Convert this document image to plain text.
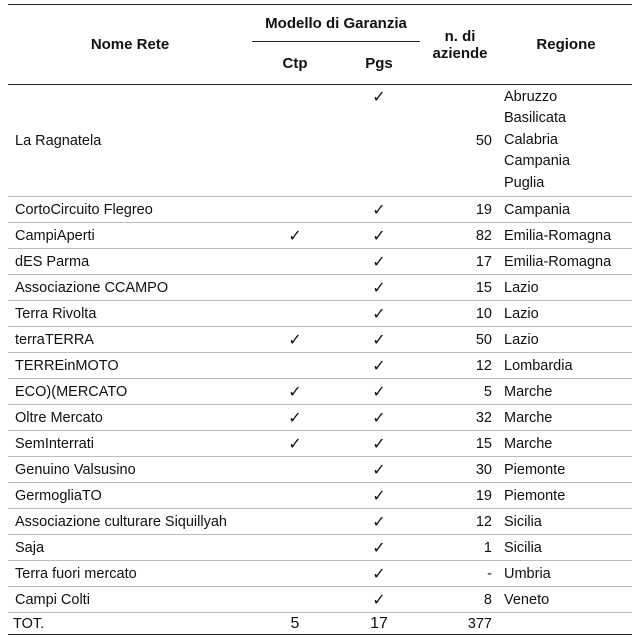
Nome Rete	Modello di Garanzia		n. di aziende	Regione
	Ctp	Pgs		
La Ragnatela		✓	50	Abruzzo
Basilicata
Calabria
Campania
Puglia

CortoCircuito Flegreo		✓	19	Campania
CampiAperti	✓	✓	82	Emilia-Romagna
dES Parma		✓	17	Emilia-Romagna
Associazione CCAMPO		✓	15	Lazio
Terra Rivolta		✓	10	Lazio
terraTERRA	✓	✓	50	Lazio
TERREinMOTO		✓	12	Lombardia
ECO)(MERCATO	✓	✓	5	Marche
Oltre Mercato	✓	✓	32	Marche
SemInterrati	✓	✓	15	Marche
Genuino Valsusino		✓	30	Piemonte
GermogliaTO		✓	19	Piemonte
Associazione culturare Siquillyah		✓	12	Sicilia
Saja		✓	1	Sicilia
Terra fuori mercato		✓	-	Umbria
Campi Colti		✓	8	Veneto
TOT.	5	17	377	
